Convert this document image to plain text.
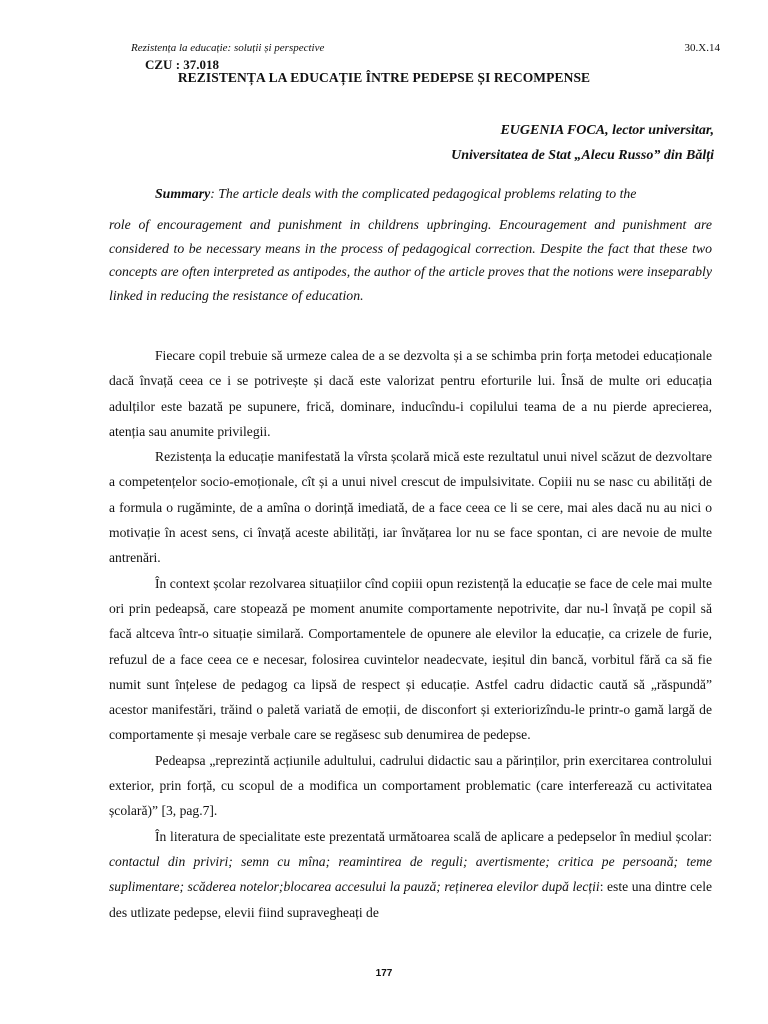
Rezistența la educație: soluții și perspective	30.X.14
CZU : 37.018
REZISTENȚA LA EDUCAȚIE ÎNTRE PEDEPSE ȘI RECOMPENSE
EUGENIA FOCA, lector universitar,
Universitatea de Stat „Alecu Russo” din Bălți
Summary: The article deals with the complicated pedagogical problems relating to the
role of encouragement and punishment in childrens upbringing. Encouragement and punishment are considered to be necessary means in the process of pedagogical correction. Despite the fact that these two concepts are often interpreted as antipodes, the author of the article proves that the notions were inseparably linked in reducing the resistance of education.

Fiecare copil trebuie să urmeze calea de a se dezvolta și a se schimba prin forța metodei educaționale dacă învață ceea ce i se potrivește și dacă este valorizat pentru eforturile lui. Însă de multe ori educația adulților este bazată pe supunere, frică, dominare, inducîndu-i copilului teama de a nu pierde aprecierea, atenția sau anumite privilegii.

Rezistența la educație manifestată la vîrsta școlară mică este rezultatul unui nivel scăzut de dezvoltare a competențelor socio-emoționale, cît și a unui nivel crescut de impulsivitate. Copiii nu se nasc cu abilități de a formula o rugăminte, de a amîna o dorință imediată, de a face ceea ce li se cere, mai ales dacă nu au nici o motivație în acest sens, ci învață aceste abilități, iar învățarea lor nu se face spontan, ci are nevoie de multe antrenări.

În context școlar rezolvarea situațiilor cînd copiii opun rezistență la educație se face de cele mai multe ori prin pedeapsă, care stopează pe moment anumite comportamente nepotrivite, dar nu-l învață pe copil să facă altceva într-o situație similară. Comportamentele de opunere ale elevilor la educație, ca crizele de furie, refuzul de a face ceea ce e necesar, folosirea cuvintelor neadecvate, ieșitul din bancă, vorbitul fără ca să fie numit sunt înțelese de pedagog ca lipsă de respect și educație. Astfel cadru didactic caută să „răspundă” acestor manifestări, trăind o paletă variată de emoții, de disconfort și exteriorizîndu-le printr-o gamă largă de comportamente și mesaje verbale care se regăsesc sub denumirea de pedepse.

Pedeapsa „reprezintă acțiunile adultului, cadrului didactic sau a părinților, prin exercitarea controlului exterior, prin forță, cu scopul de a modifica un comportament problematic (care interferează cu activitatea școlară)” [3, pag.7].

În literatura de specialitate este prezentată următoarea scală de aplicare a pedepselor în mediul școlar: contactul din priviri; semn cu mîna; reamintirea de reguli; avertismente; critica pe persoană; teme suplimentare; scăderea notelor;blocarea accesului la pauză; reținerea elevilor după lecții: este una dintre cele des utlizate pedepse, elevii fiind supravegheați de

177
